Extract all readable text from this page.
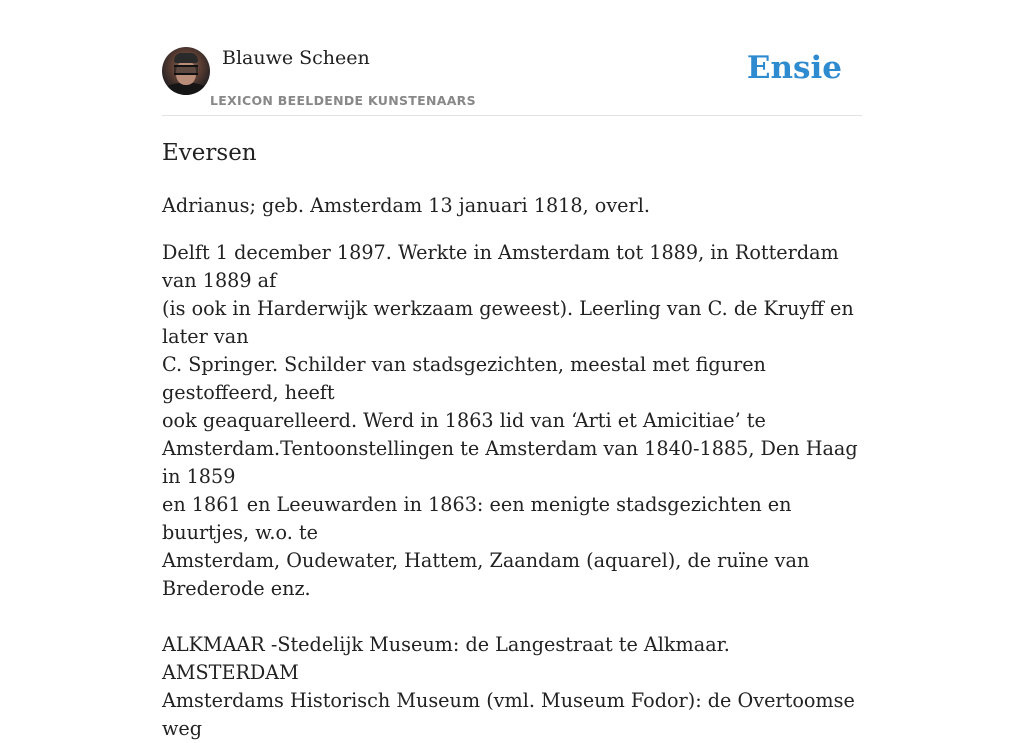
Blauwe Scheen
LEXICON BEELDENDE KUNSTENAARS
Ensie
Eversen

Adrianus; geb. Amsterdam 13 januari 1818, overl.

Delft 1 december 1897. Werkte in Amsterdam tot 1889, in Rotterdam van 1889 af
(is ook in Harderwijk werkzaam geweest). Leerling van C. de Kruyff en later van
C. Springer. Schilder van stadsgezichten, meestal met figuren gestoffeerd, heeft
ook geaquarelleerd. Werd in 1863 lid van ‘Arti et Amicitiae’ te
Amsterdam.Tentoonstellingen te Amsterdam van 1840-1885, Den Haag in 1859
en 1861 en Leeuwarden in 1863: een menigte stadsgezichten en buurtjes, w.o. te
Amsterdam, Oudewater, Hattem, Zaandam (aquarel), de ruïne van Brederode enz.

ALKMAAR -Stedelijk Museum: de Langestraat te Alkmaar. AMSTERDAM
Amsterdams Historisch Museum (vml. Museum Fodor): de Overtoomse weg
